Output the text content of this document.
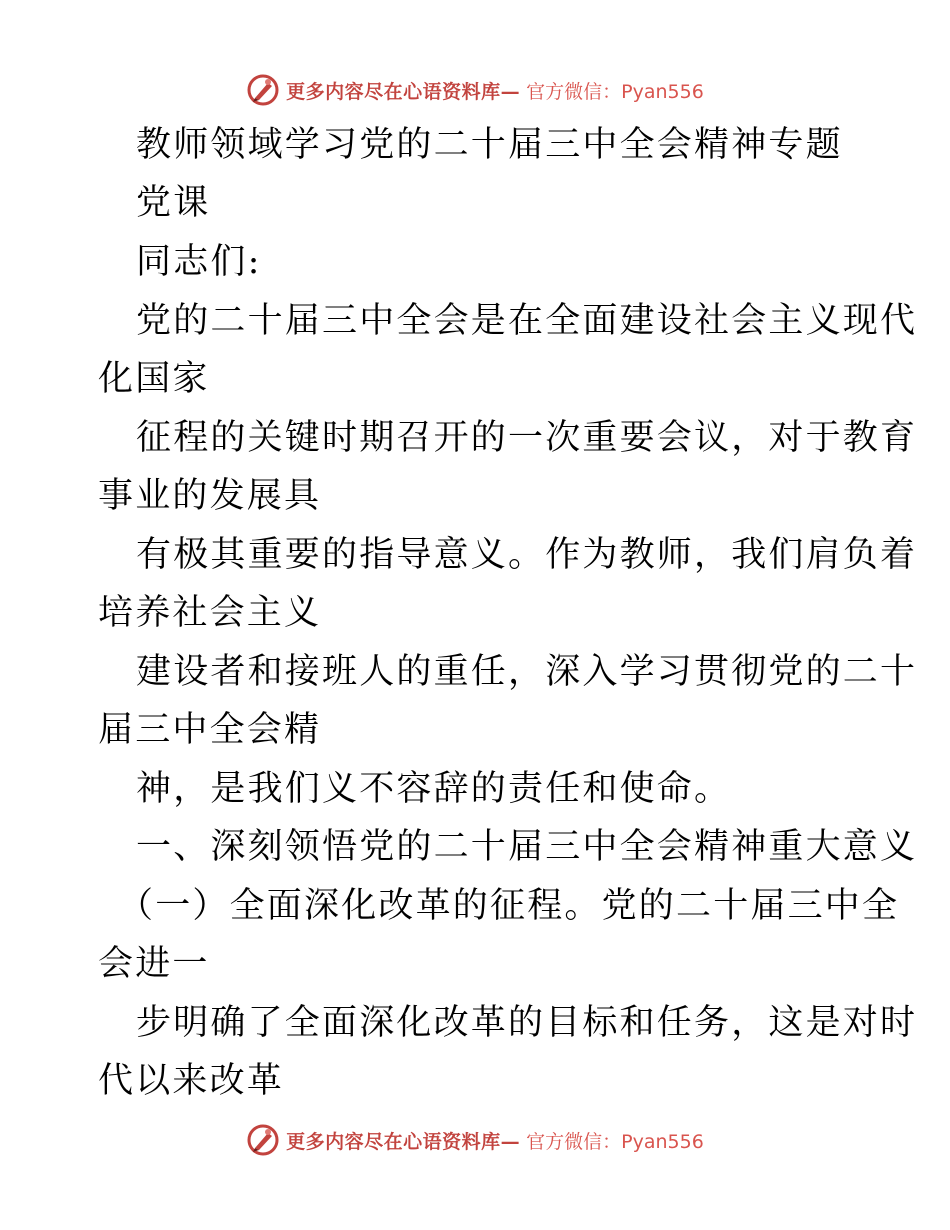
更多内容尽在心语资料库— 官方微信：Pyan556
教师领域学习党的二十届三中全会精神专题
党课
同志们:
党的二十届三中全会是在全面建设社会主义现代
化国家
征程的关键时期召开的一次重要会议，对于教育
事业的发展具
有极其重要的指导意义。作为教师，我们肩负着
培养社会主义
建设者和接班人的重任，深入学习贯彻党的二十
届三中全会精
神，是我们义不容辞的责任和使命。
一、深刻领悟党的二十届三中全会精神重大意义
（一）全面深化改革的征程。党的二十届三中全
会进一
步明确了全面深化改革的目标和任务，这是对时
代以来改革
更多内容尽在心语资料库— 官方微信：Pyan556
